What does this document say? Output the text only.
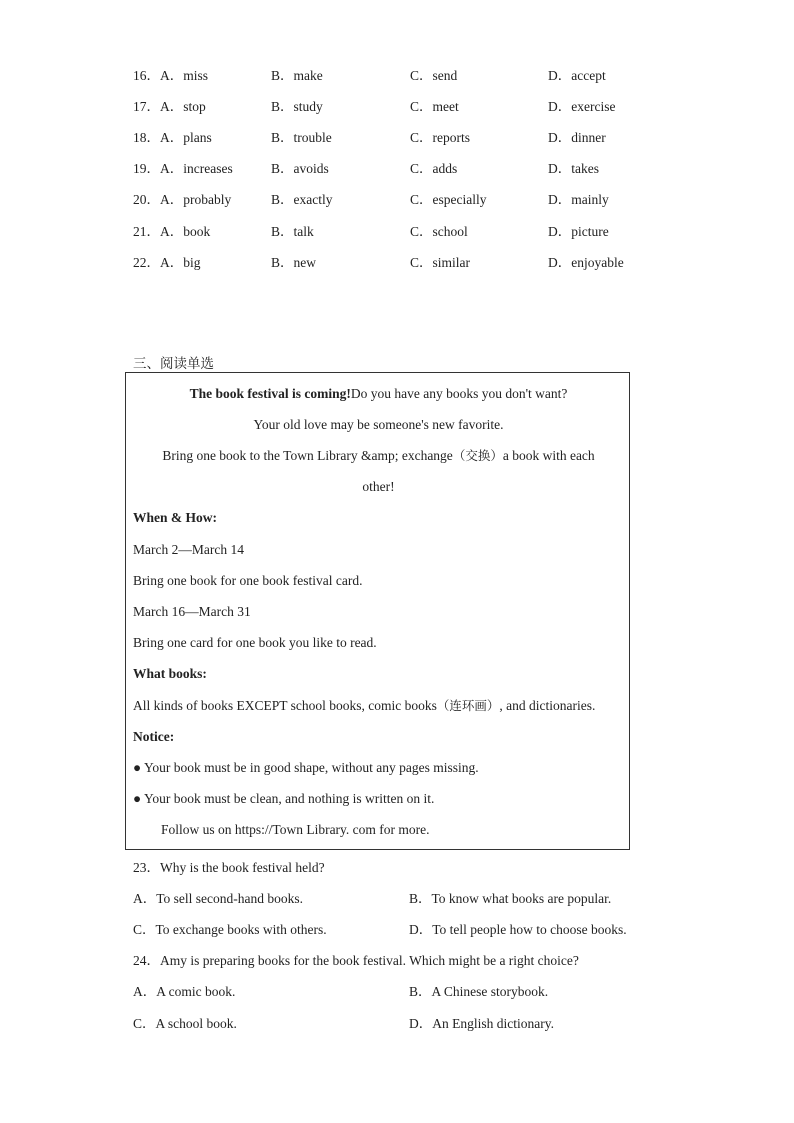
16． A．miss	B．make	C．send	D．accept
17． A．stop	B．study	C．meet	D．exercise
18． A．plans	B．trouble	C．reports	D．dinner
19． A．increases	B．avoids	C．adds	D．takes
20． A．probably	B．exactly	C．especially	D．mainly
21． A．book	B．talk	C．school	D．picture
22． A．big	B．new	C．similar	D．enjoyable
三、阅读单选
The book festival is coming!Do you have any books you don't want?
Your old love may be someone's new favorite.
Bring one book to the Town Library &amp; exchange（交换）a book with each
other!
When & How:
March 2—March 14
Bring one book for one book festival card.
March 16—March 31
Bring one card for one book you like to read.
What books:
All kinds of books EXCEPT school books, comic books（连环画）, and dictionaries.
Notice:
● Your book must be in good shape, without any pages missing.
● Your book must be clean, and nothing is written on it.
Follow us on https://Town Library. com for more.
23．Why is the book festival held?
A．To sell second-hand books.	B．To know what books are popular.
C．To exchange books with others.	D．To tell people how to choose books.
24．Amy is preparing books for the book festival. Which might be a right choice?
A．A comic book.	B．A Chinese storybook.
C．A school book.	D．An English dictionary.
